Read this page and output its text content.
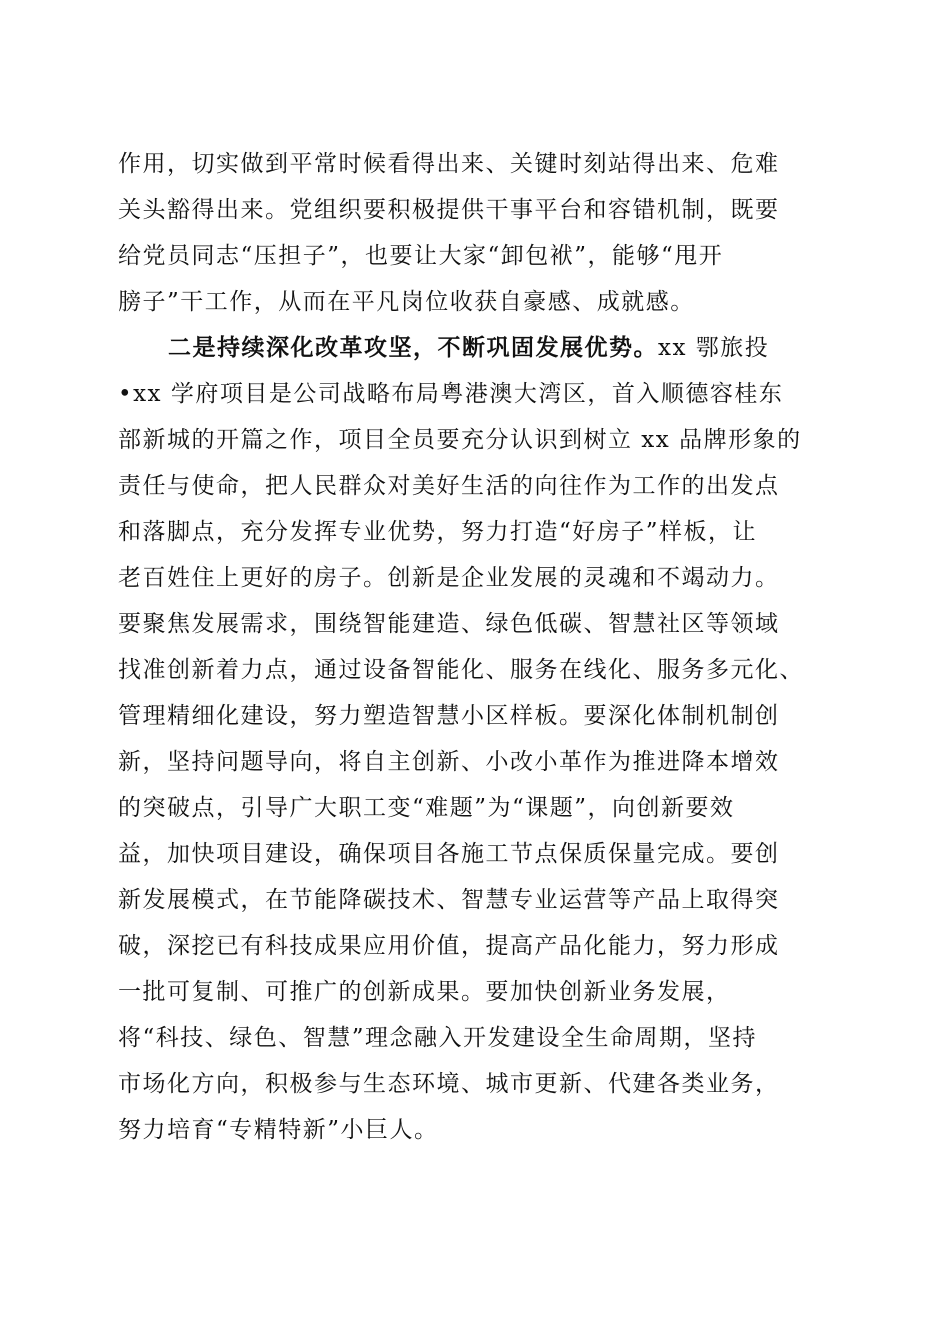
作用，切实做到平常时候看得出来、关键时刻站得出来、危难
关头豁得出来。党组织要积极提供干事平台和容错机制，既要
给党员同志“压担子”，也要让大家“卸包袱”，能够“甩开
膀子”干工作，从而在平凡岗位收获自豪感、成就感。
二是持续深化改革攻坚，不断巩固发展优势。xx 鄂旅投
•xx 学府项目是公司战略布局粤港澳大湾区，首入顺德容桂东
部新城的开篇之作，项目全员要充分认识到树立 xx 品牌形象的
责任与使命，把人民群众对美好生活的向往作为工作的出发点
和落脚点，充分发挥专业优势，努力打造“好房子”样板，让
老百姓住上更好的房子。创新是企业发展的灵魂和不竭动力。
要聚焦发展需求，围绕智能建造、绿色低碳、智慧社区等领域
找准创新着力点，通过设备智能化、服务在线化、服务多元化、
管理精细化建设，努力塑造智慧小区样板。要深化体制机制创
新，坚持问题导向，将自主创新、小改小革作为推进降本增效
的突破点，引导广大职工变“难题”为“课题”，向创新要效
益，加快项目建设，确保项目各施工节点保质保量完成。要创
新发展模式，在节能降碳技术、智慧专业运营等产品上取得突
破，深挖已有科技成果应用价值，提高产品化能力，努力形成
一批可复制、可推广的创新成果。要加快创新业务发展，
将“科技、绿色、智慧”理念融入开发建设全生命周期，坚持
市场化方向，积极参与生态环境、城市更新、代建各类业务，
努力培育“专精特新”小巨人。
